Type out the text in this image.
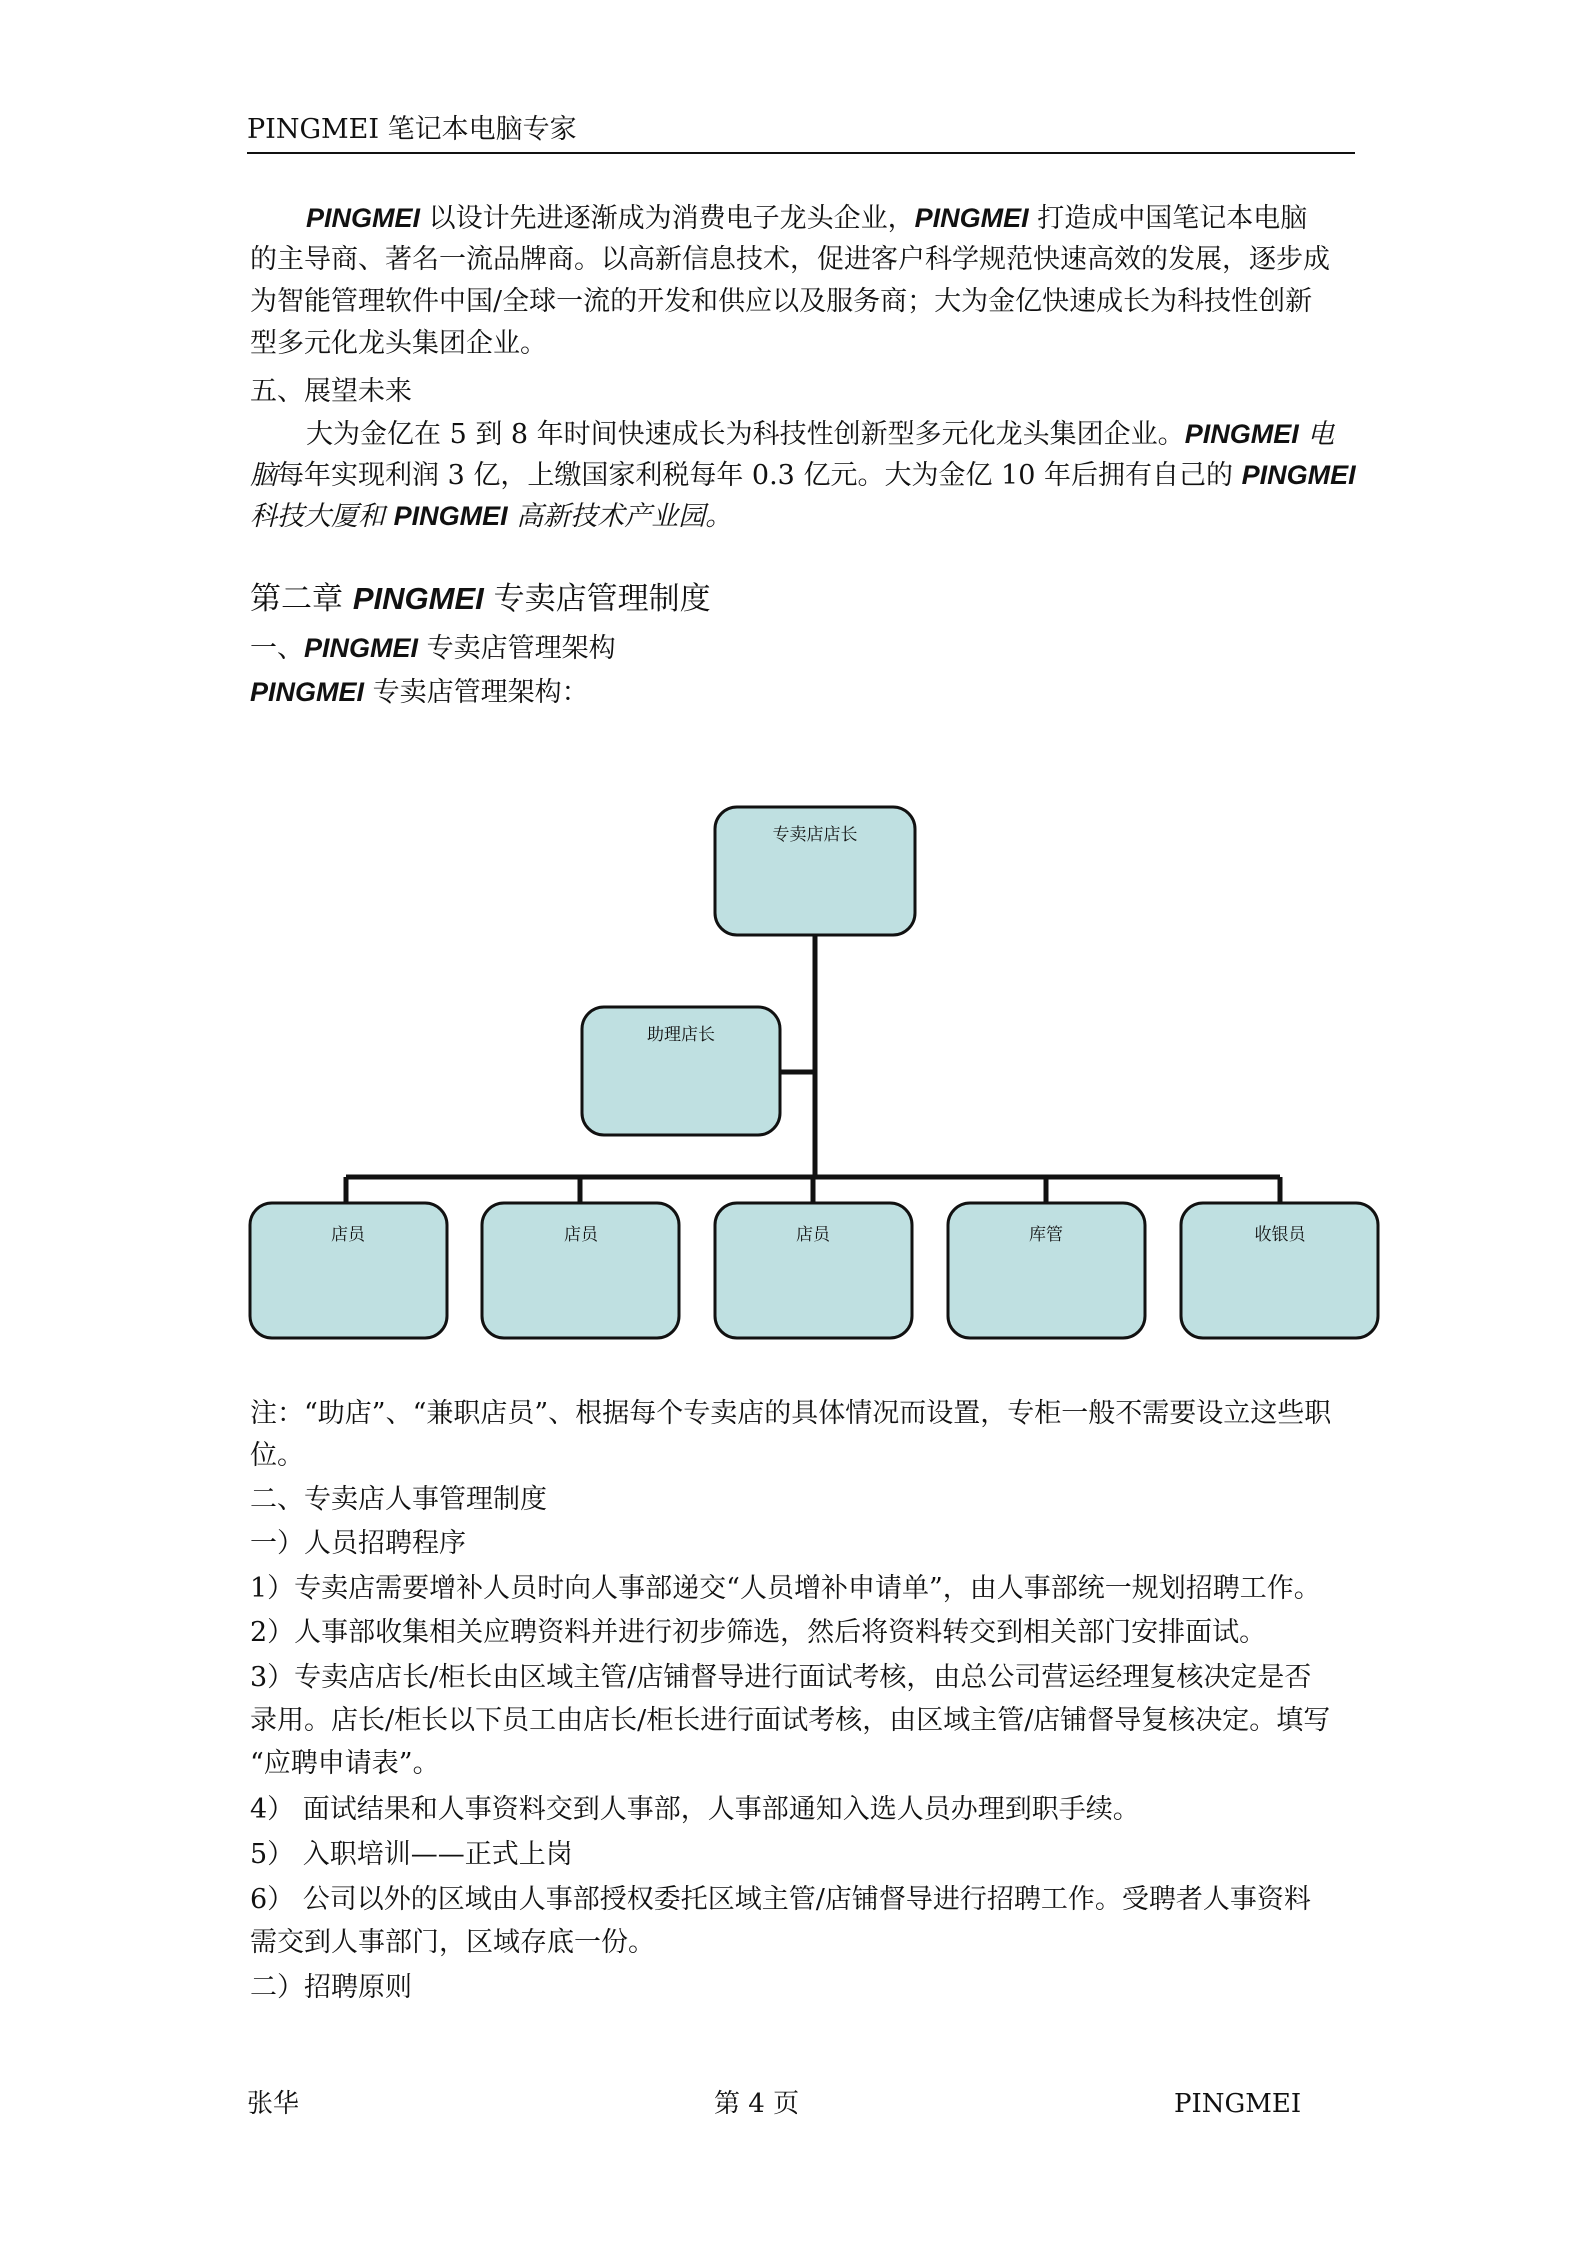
PINGMEI 笔记本电脑专家
PINGMEI 以设计先进逐渐成为消费电子龙头企业，PINGMEI 打造成中国笔记本电脑
的主导商、著名一流品牌商。以高新信息技术，促进客户科学规范快速高效的发展，逐步成
为智能管理软件中国/全球一流的开发和供应以及服务商；大为金亿快速成长为科技性创新
型多元化龙头集团企业。
五、展望未来
大为金亿在 5 到 8 年时间快速成长为科技性创新型多元化龙头集团企业。PINGMEI 电
脑每年实现利润 3 亿，上缴国家利税每年 0.3 亿元。大为金亿 10 年后拥有自己的 PINGMEI
科技大厦和 PINGMEI 高新技术产业园。
第二章 PINGMEI 专卖店管理制度
一、PINGMEI 专卖店管理架构
PINGMEI 专卖店管理架构：
专卖店店长
助理店长
店员	店员	店员	库管	收银员
注：“助店”、“兼职店员”、根据每个专卖店的具体情况而设置，专柜一般不需要设立这些职
位。
二、专卖店人事管理制度
一）人员招聘程序
1）专卖店需要增补人员时向人事部递交“人员增补申请单”，由人事部统一规划招聘工作。
2）人事部收集相关应聘资料并进行初步筛选，然后将资料转交到相关部门安排面试。
3）专卖店店长/柜长由区域主管/店铺督导进行面试考核，由总公司营运经理复核决定是否
录用。店长/柜长以下员工由店长/柜长进行面试考核，由区域主管/店铺督导复核决定。填写
“应聘申请表”。
4） 面试结果和人事资料交到人事部，人事部通知入选人员办理到职手续。
5） 入职培训——正式上岗
6） 公司以外的区域由人事部授权委托区域主管/店铺督导进行招聘工作。受聘者人事资料
需交到人事部门，区域存底一份。
二）招聘原则
张华	第 4 页	PINGMEI
